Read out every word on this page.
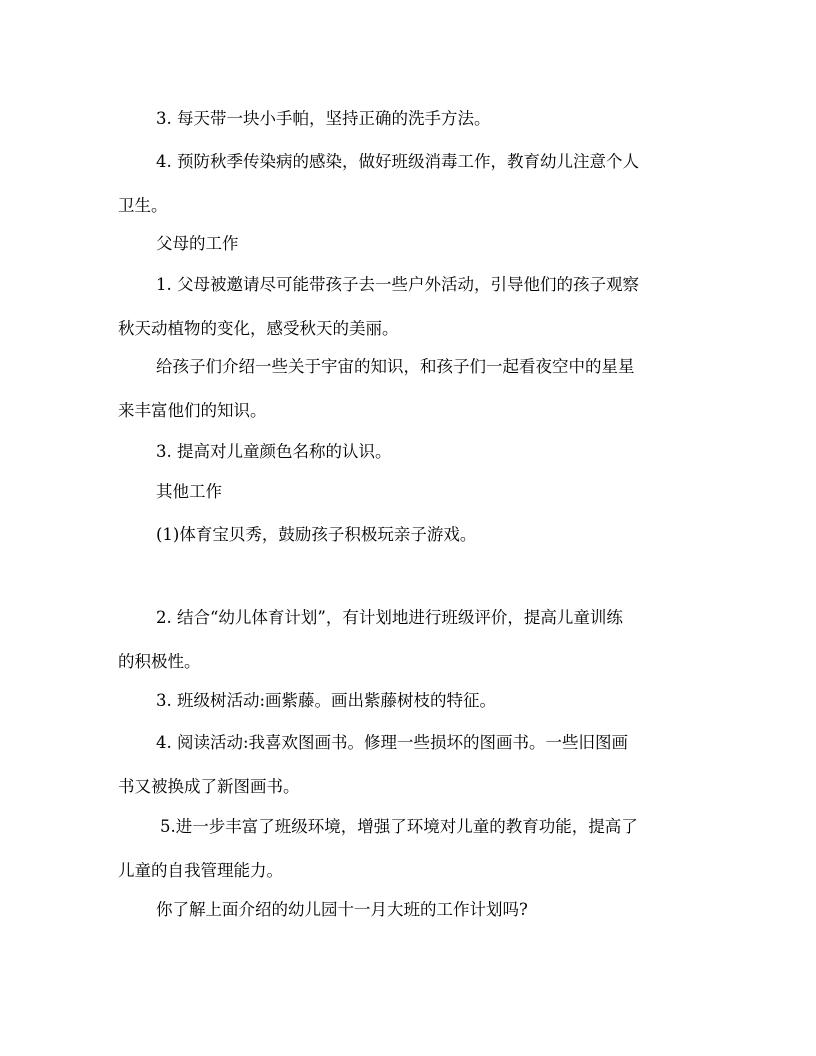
3. 每天带一块小手帕，坚持正确的洗手方法。

4. 预防秋季传染病的感染，做好班级消毒工作，教育幼儿注意个人

卫生。

父母的工作

1. 父母被邀请尽可能带孩子去一些户外活动，引导他们的孩子观察

秋天动植物的变化，感受秋天的美丽。

给孩子们介绍一些关于宇宙的知识，和孩子们一起看夜空中的星星

来丰富他们的知识。

3. 提高对儿童颜色名称的认识。

其他工作

(1)体育宝贝秀，鼓励孩子积极玩亲子游戏。

2. 结合“幼儿体育计划”，有计划地进行班级评价，提高儿童训练

的积极性。

3. 班级树活动:画紫藤。画出紫藤树枝的特征。

4. 阅读活动:我喜欢图画书。修理一些损坏的图画书。一些旧图画

书又被换成了新图画书。

5.进一步丰富了班级环境，增强了环境对儿童的教育功能，提高了

儿童的自我管理能力。

你了解上面介绍的幼儿园十一月大班的工作计划吗?
